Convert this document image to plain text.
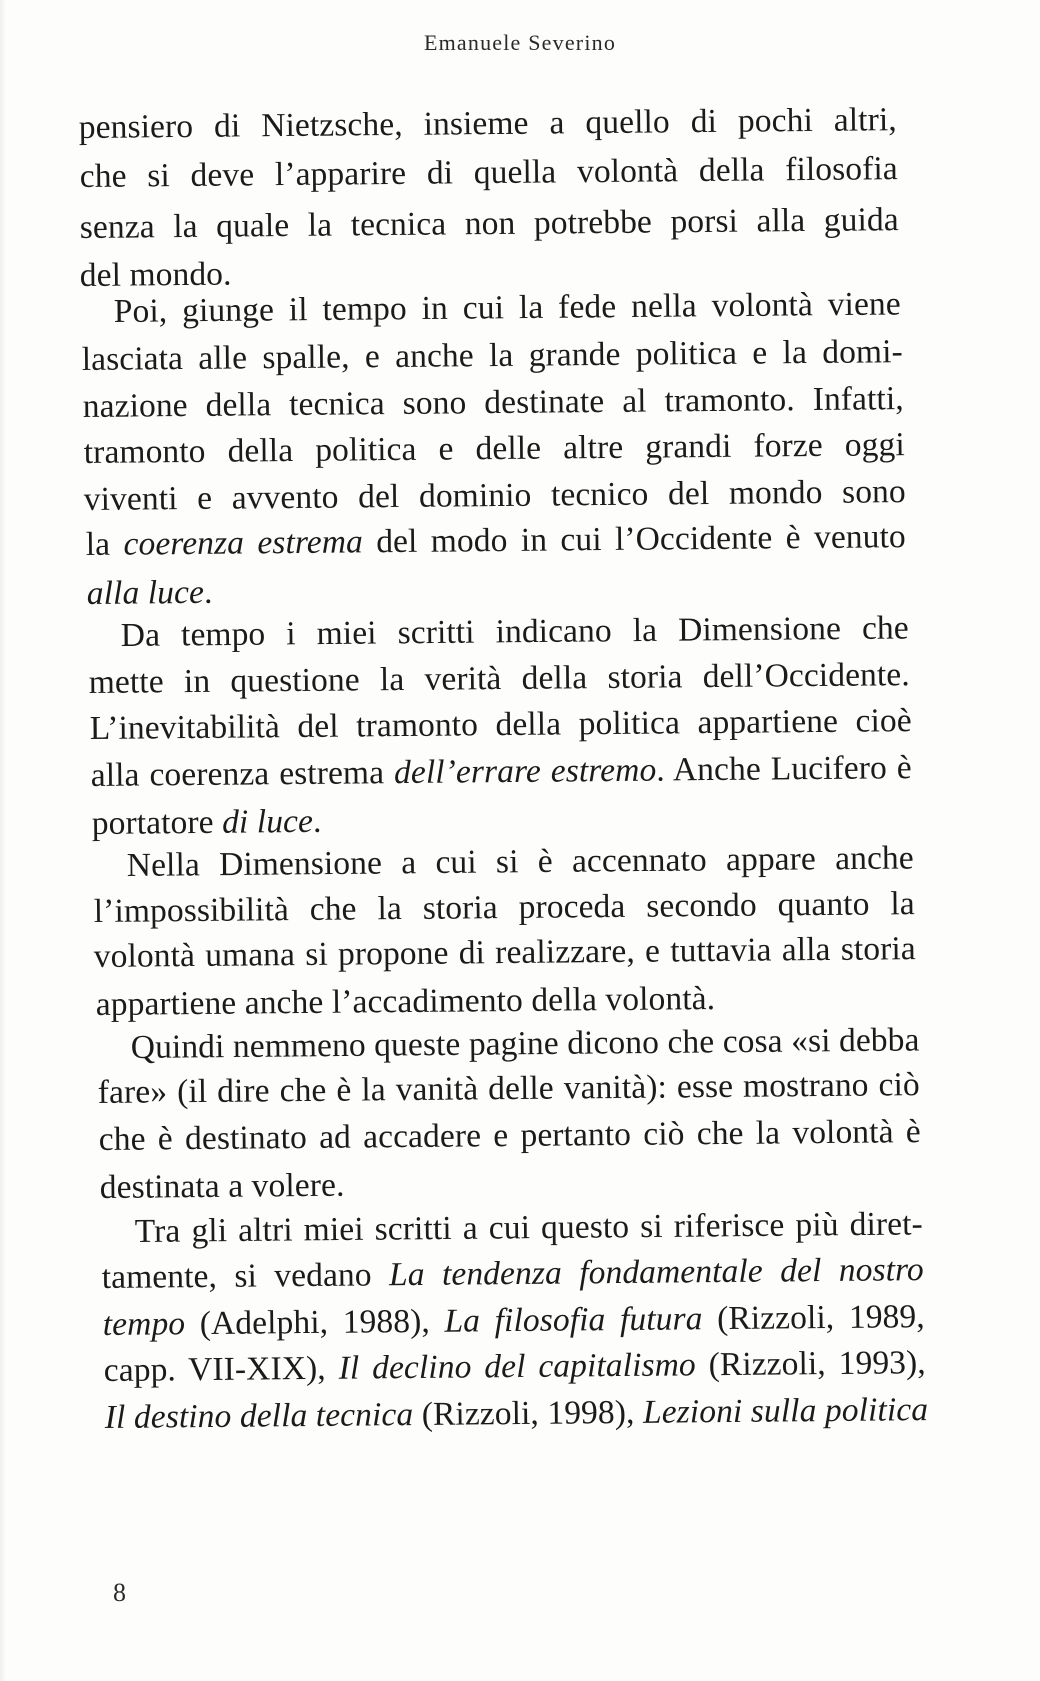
Emanuele Severino
pensiero di Nietzsche, insieme a quello di pochi altri,
che si deve l’apparire di quella volontà della filosofia
senza la quale la tecnica non potrebbe porsi alla guida
del mondo.
Poi, giunge il tempo in cui la fede nella volontà viene
lasciata alle spalle, e anche la grande politica e la domi-
nazione della tecnica sono destinate al tramonto. Infatti,
tramonto della politica e delle altre grandi forze oggi
viventi e avvento del dominio tecnico del mondo sono
la coerenza estrema del modo in cui l’Occidente è venuto
alla luce.
Da tempo i miei scritti indicano la Dimensione che
mette in questione la verità della storia dell’Occidente.
L’inevitabilità del tramonto della politica appartiene cioè
alla coerenza estrema dell’errare estremo. Anche Lucifero è
portatore di luce.
Nella Dimensione a cui si è accennato appare anche
l’impossibilità che la storia proceda secondo quanto la
volontà umana si propone di realizzare, e tuttavia alla storia
appartiene anche l’accadimento della volontà.
Quindi nemmeno queste pagine dicono che cosa «si debba
fare» (il dire che è la vanità delle vanità): esse mostrano ciò
che è destinato ad accadere e pertanto ciò che la volontà è
destinata a volere.
Tra gli altri miei scritti a cui questo si riferisce più diret-
tamente, si vedano La tendenza fondamentale del nostro
tempo (Adelphi, 1988), La filosofia futura (Rizzoli, 1989,
capp. VII-XIX), Il declino del capitalismo (Rizzoli, 1993),
Il destino della tecnica (Rizzoli, 1998), Lezioni sulla politica
8
